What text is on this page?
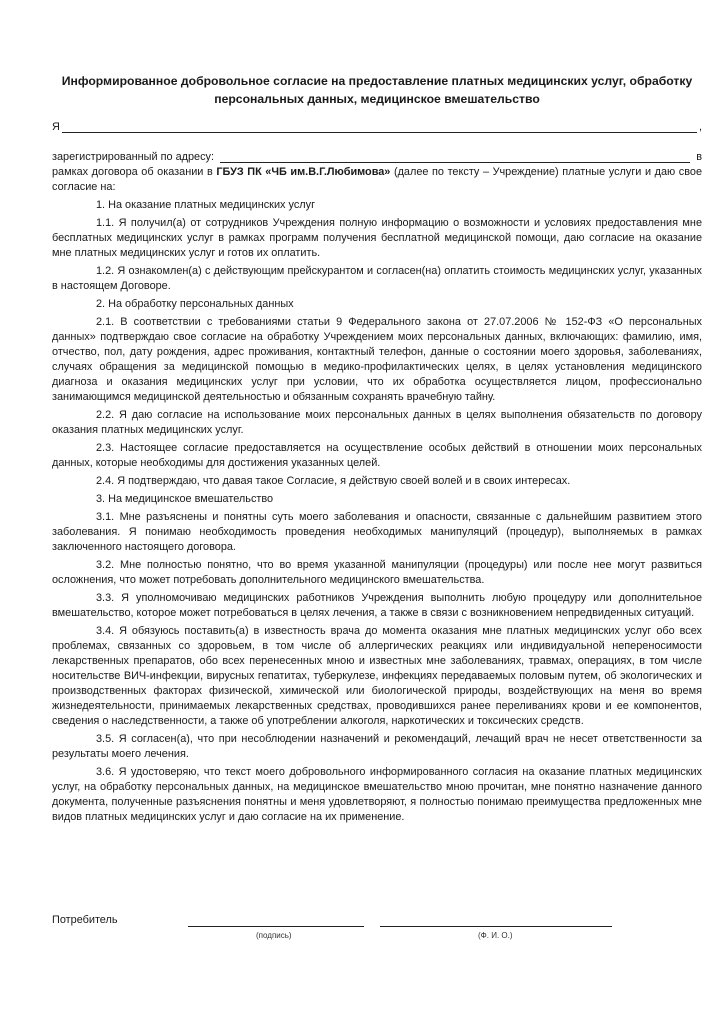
Информированное добровольное согласие на предоставление платных медицинских услуг, обработку персональных данных, медицинское вмешательство

Я	,
зарегистрированный по адресу:	в

рамках договора об оказании в ГБУЗ ПК «ЧБ им.В.Г.Любимова» (далее по тексту – Учреждение) платные услуги и даю свое согласие на:

1. На оказание платных медицинских услуг

1.1. Я получил(а) от сотрудников Учреждения полную информацию о возможности и условиях предоставления мне бесплатных медицинских услуг в рамках программ получения бесплатной медицинской помощи, даю согласие на оказание мне платных медицинских услуг и готов их оплатить.

1.2. Я ознакомлен(а) с действующим прейскурантом и согласен(на) оплатить стоимость медицинских услуг, указанных в настоящем Договоре.

2. На обработку персональных данных

2.1. В соответствии с требованиями статьи 9 Федерального закона от 27.07.2006 № 152-ФЗ «О персональных данных» подтверждаю свое согласие на обработку Учреждением моих персональных данных, включающих: фамилию, имя, отчество, пол, дату рождения, адрес проживания, контактный телефон, данные о состоянии моего здоровья, заболеваниях, случаях обращения за медицинской помощью в медико-профилактических целях, в целях установления медицинского диагноза и оказания медицинских услуг при условии, что их обработка осуществляется лицом, профессионально занимающимся медицинской деятельностью и обязанным сохранять врачебную тайну.

2.2. Я даю согласие на использование моих персональных данных в целях выполнения обязательств по договору оказания платных медицинских услуг.

2.3. Настоящее согласие предоставляется на осуществление особых действий в отношении моих персональных данных, которые необходимы для достижения указанных целей.

2.4. Я подтверждаю, что давая такое Согласие, я действую своей волей и в своих интересах.

3. На медицинское вмешательство

3.1. Мне разъяснены и понятны суть моего заболевания и опасности, связанные с дальнейшим развитием этого заболевания. Я понимаю необходимость проведения необходимых манипуляций (процедур), выполняемых в рамках заключенного настоящего договора.

3.2. Мне полностью понятно, что во время указанной манипуляции (процедуры) или после нее могут развиться осложнения, что может потребовать дополнительного медицинского вмешательства.

3.3. Я уполномочиваю медицинских работников Учреждения выполнить любую процедуру или дополнительное вмешательство, которое может потребоваться в целях лечения, а также в связи с возникновением непредвиденных ситуаций.

3.4. Я обязуюсь поставить(а) в известность врача до момента оказания мне платных медицинских услуг обо всех проблемах, связанных со здоровьем, в том числе об аллергических реакциях или индивидуальной непереносимости лекарственных препаратов, обо всех перенесенных мною и известных мне заболеваниях, травмах, операциях, в том числе носительстве ВИЧ-инфекции, вирусных гепатитах, туберкулезе, инфекциях передаваемых половым путем, об экологических и производственных факторах физической, химической или биологической природы, воздействующих на меня во время жизнедеятельности, принимаемых лекарственных средствах, проводившихся ранее переливаниях крови и ее компонентов, сведения о наследственности, а также об употреблении алкоголя, наркотических и токсических средств.

3.5. Я согласен(а), что при несоблюдении назначений и рекомендаций, лечащий врач не несет ответственности за результаты моего лечения.

3.6. Я удостоверяю, что текст моего добровольного информированного согласия на оказание платных медицинских услуг, на обработку персональных данных, на медицинское вмешательство мною прочитан, мне понятно назначение данного документа, полученные разъяснения понятны и меня удовлетворяют, я полностью понимаю преимущества предложенных мне видов платных медицинских услуг и даю согласие на их применение.

Потребитель
(подпись)	(Ф. И. О.)
